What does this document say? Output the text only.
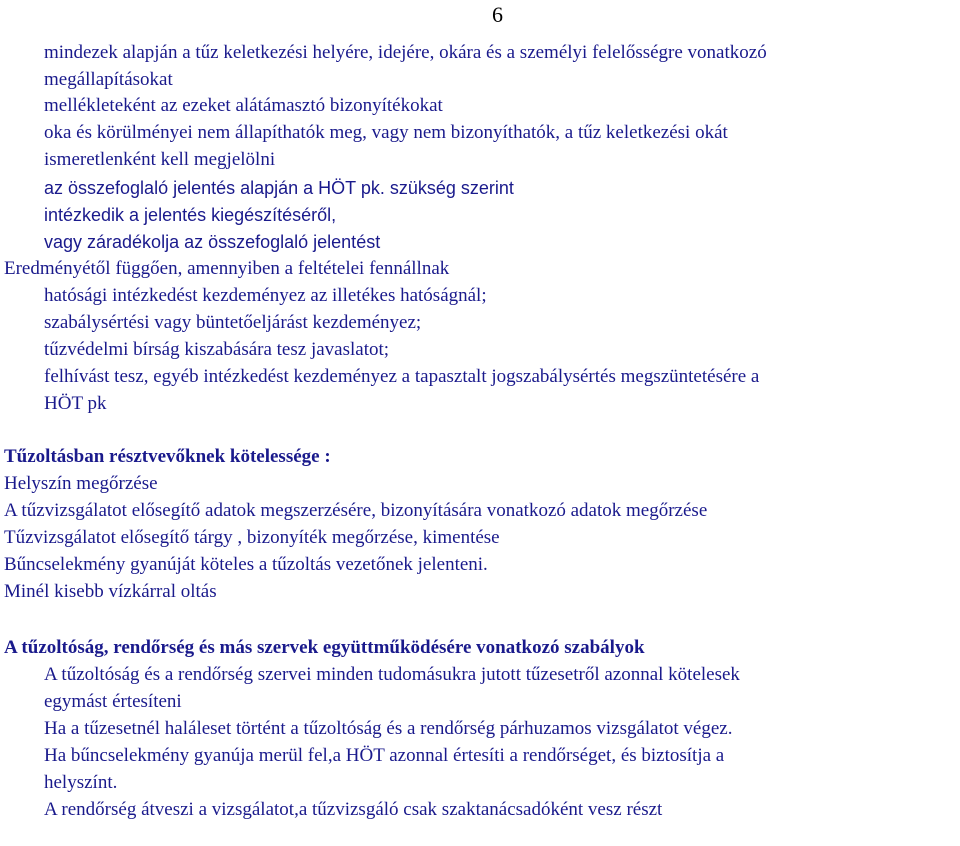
6
mindezek alapján a tűz keletkezési helyére, idejére, okára és a személyi felelősségre vonatkozó
megállapításokat
mellékleteként az ezeket alátámasztó bizonyítékokat
oka és körülményei nem állapíthatók meg, vagy nem bizonyíthatók, a tűz keletkezési okát
ismeretlenként kell megjelölni
az összefoglaló jelentés alapján a HÖT pk. szükség szerint
intézkedik a jelentés kiegészítéséről,
vagy záradékolja az összefoglaló jelentést
Eredményétől függően, amennyiben a feltételei fennállnak
hatósági intézkedést kezdeményez az illetékes hatóságnál;
szabálysértési vagy büntetőeljárást kezdeményez;
tűzvédelmi bírság kiszabására tesz javaslatot;
felhívást tesz, egyéb intézkedést kezdeményez a tapasztalt jogszabálysértés megszüntetésére a
HÖT pk
Tűzoltásban résztvevőknek kötelessége :
Helyszín megőrzése
A tűzvizsgálatot elősegítő adatok megszerzésére, bizonyítására vonatkozó adatok megőrzése
Tűzvizsgálatot elősegítő tárgy , bizonyíték megőrzése, kimentése
Bűncselekmény gyanúját köteles a tűzoltás vezetőnek jelenteni.
Minél kisebb vízkárral oltás
A tűzoltóság, rendőrség és más szervek együttműködésére vonatkozó szabályok
A tűzoltóság és a rendőrség szervei minden tudomásukra jutott tűzesetről azonnal kötelesek
egymást értesíteni
Ha a tűzesetnél haláleset történt a tűzoltóság és a rendőrség párhuzamos vizsgálatot végez.
Ha bűncselekmény gyanúja merül fel,a HÖT azonnal értesíti a rendőrséget, és biztosítja a
helyszínt.
A rendőrség átveszi a vizsgálatot,a tűzvizsgáló csak szaktanácsadóként vesz részt
